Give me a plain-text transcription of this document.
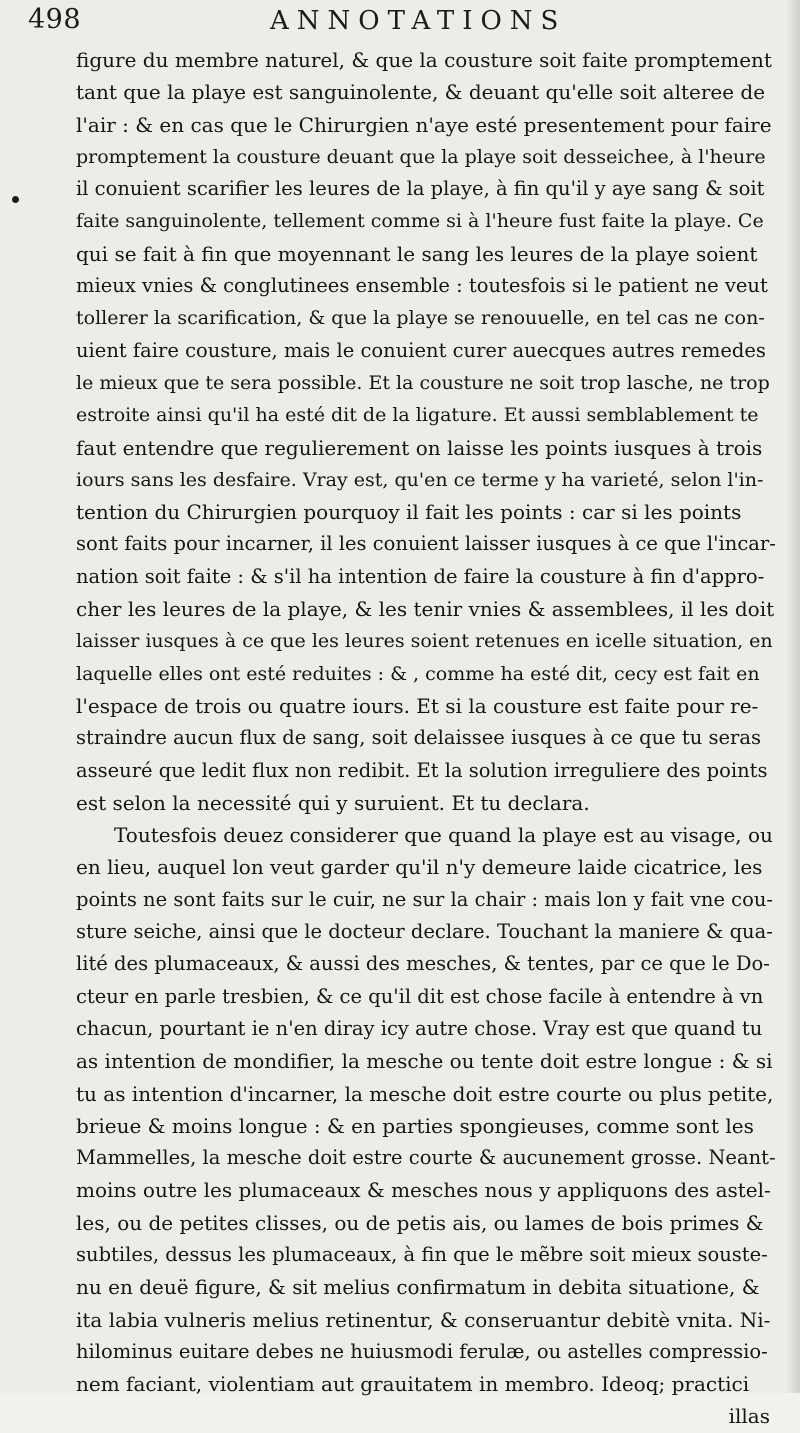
498	ANNOTATIONS
figure du membre naturel, & que la cousture soit faite promptement
tant que la playe est sanguinolente, & deuant qu'elle soit alteree de
l'air : & en cas que le Chirurgien n'aye esté presentement pour faire
promptement la cousture deuant que la playe soit desseichee, à l'heure
il conuient scarifier les leures de la playe, à fin qu'il y aye sang & soit
faite sanguinolente, tellement comme si à l'heure fust faite la playe. Ce
qui se fait à fin que moyennant le sang les leures de la playe soient
mieux vnies & conglutinees ensemble : toutesfois si le patient ne veut
tollerer la scarification, & que la playe se renouuelle, en tel cas ne con-
uient faire cousture, mais le conuient curer auecques autres remedes
le mieux que te sera possible. Et la cousture ne soit trop lasche, ne trop
estroite ainsi qu'il ha esté dit de la ligature. Et aussi semblablement te
faut entendre que regulierement on laisse les points iusques à trois
iours sans les desfaire. Vray est, qu'en ce terme y ha varieté, selon l'in-
tention du Chirurgien pourquoy il fait les points : car si les points
sont faits pour incarner, il les conuient laisser iusques à ce que l'incar-
nation soit faite : & s'il ha intention de faire la cousture à fin d'appro-
cher les leures de la playe, & les tenir vnies & assemblees, il les doit
laisser iusques à ce que les leures soient retenues en icelle situation, en
laquelle elles ont esté reduites : & , comme ha esté dit, cecy est fait en
l'espace de trois ou quatre iours. Et si la cousture est faite pour re-
straindre aucun flux de sang, soit delaissee iusques à ce que tu seras
asseuré que ledit flux non redibit. Et la solution irreguliere des points
est selon la necessité qui y suruient. Et tu declara.
Toutesfois deuez considerer que quand la playe est au visage, ou
en lieu, auquel lon veut garder qu'il n'y demeure laide cicatrice, les
points ne sont faits sur le cuir, ne sur la chair : mais lon y fait vne cou-
sture seiche, ainsi que le docteur declare. Touchant la maniere & qua-
lité des plumaceaux, & aussi des mesches, & tentes, par ce que le Do-
cteur en parle tresbien, & ce qu'il dit est chose facile à entendre à vn
chacun, pourtant ie n'en diray icy autre chose. Vray est que quand tu
as intention de mondifier, la mesche ou tente doit estre longue : & si
tu as intention d'incarner, la mesche doit estre courte ou plus petite,
brieue & moins longue : & en parties spongieuses, comme sont les
Mammelles, la mesche doit estre courte & aucunement grosse. Neant-
moins outre les plumaceaux & mesches nous y appliquons des astel-
les, ou de petites clisses, ou de petis ais, ou lames de bois primes &
subtiles, dessus les plumaceaux, à fin que le mẽbre soit mieux souste-
nu en deuë figure, & sit melius confirmatum in debita situatione, &
ita labia vulneris melius retinentur, & conseruantur debitè vnita. Ni-
hilominus euitare debes ne huiusmodi ferulæ, ou astelles compressio-
nem faciant, violentiam aut grauitatem in membro. Ideoq; practici
illas
